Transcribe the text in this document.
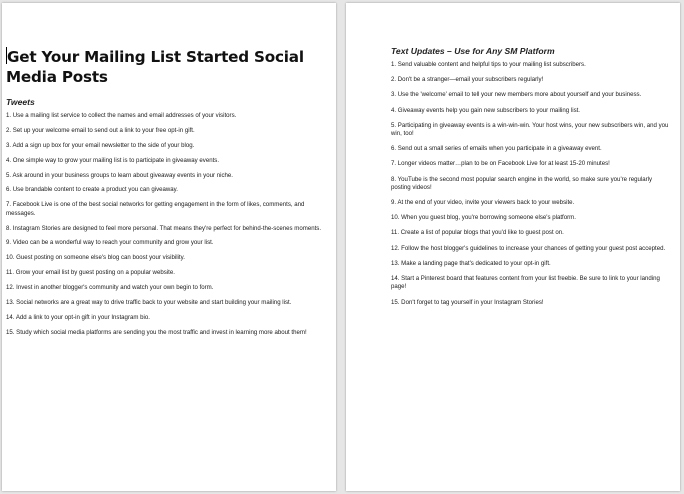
Get Your Mailing List Started Social Media Posts
Tweets
1. Use a mailing list service to collect the names and email addresses of your visitors.
2. Set up your welcome email to send out a link to your free opt-in gift.
3. Add a sign up box for your email newsletter to the side of your blog.
4. One simple way to grow your mailing list is to participate in giveaway events.
5. Ask around in your business groups to learn about giveaway events in your niche.
6. Use brandable content to create a product you can giveaway.
7. Facebook Live is one of the best social networks for getting engagement in the form of likes, comments, and messages.
8. Instagram Stories are designed to feel more personal. That means they're perfect for behind-the-scenes moments.
9. Video can be a wonderful way to reach your community and grow your list.
10. Guest posting on someone else's blog can boost your visibility.
11. Grow your email list by guest posting on a popular website.
12. Invest in another blogger's community and watch your own begin to form.
13. Social networks are a great way to drive traffic back to your website and start building your mailing list.
14. Add a link to your opt-in gift in your Instagram bio.
15. Study which social media platforms are sending you the most traffic and invest in learning more about them!
Text Updates – Use for Any SM Platform
1. Send valuable content and helpful tips to your mailing list subscribers.
2. Don't be a stranger—email your subscribers regularly!
3. Use the 'welcome' email to tell your new members more about yourself and your business.
4. Giveaway events help you gain new subscribers to your mailing list.
5. Participating in giveaway events is a win-win-win. Your host wins, your new subscribers win, and you win, too!
6. Send out a small series of emails when you participate in a giveaway event.
7. Longer videos matter…plan to be on Facebook Live for at least 15-20 minutes!
8. YouTube is the second most popular search engine in the world, so make sure you're regularly posting videos!
9. At the end of your video, invite your viewers back to your website.
10. When you guest blog, you're borrowing someone else's platform.
11. Create a list of popular blogs that you'd like to guest post on.
12. Follow the host blogger's guidelines to increase your chances of getting your guest post accepted.
13. Make a landing page that's dedicated to your opt-in gift.
14. Start a Pinterest board that features content from your list freebie. Be sure to link to your landing page!
15. Don't forget to tag yourself in your Instagram Stories!
